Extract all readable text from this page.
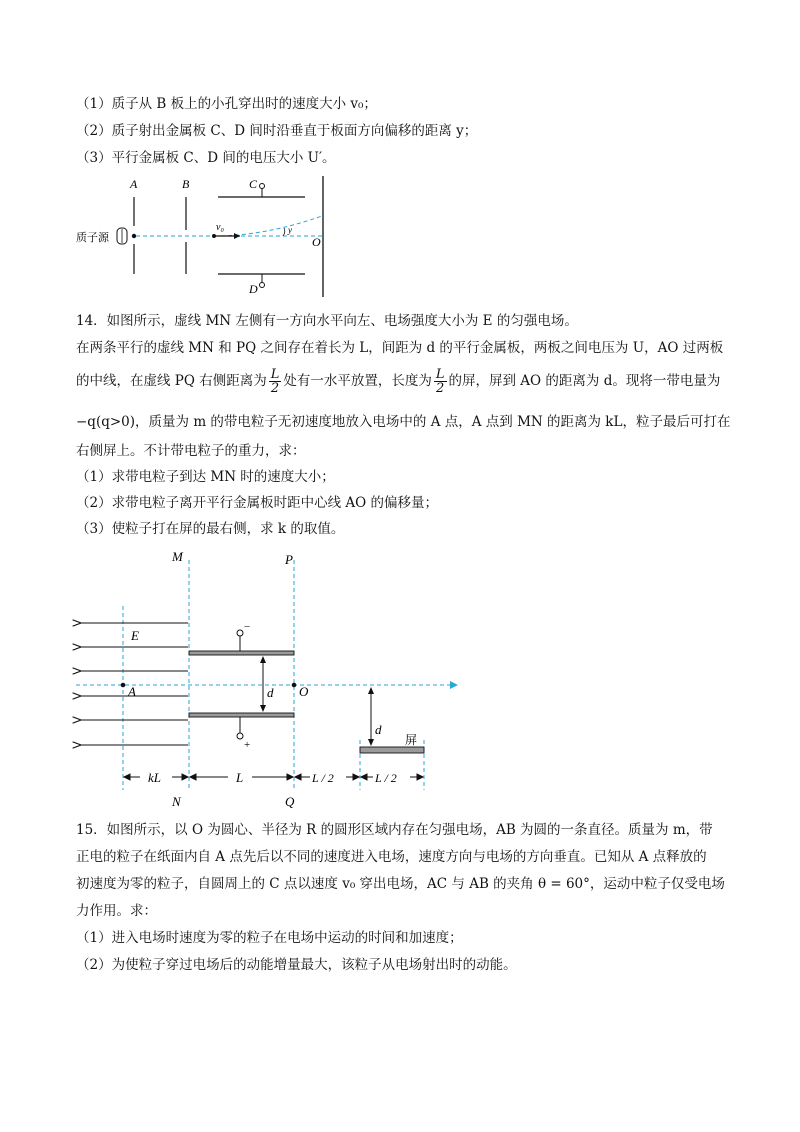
（1）质子从 B 板上的小孔穿出时的速度大小 v₀；
（2）质子射出金属板 C、D 间时沿垂直于板面方向偏移的距离 y；
（3）平行金属板 C、D 间的电压大小 U′。
A	B	C
D
质子源
v₀	y
O
14．如图所示，虚线 MN 左侧有一方向水平向左、电场强度大小为 E 的匀强电场。
在两条平行的虚线 MN 和 PQ 之间存在着长为 L，间距为 d 的平行金属板，两板之间电压为 U，AO 过两板
的中线，在虚线 PQ 右侧距离为 $\frac{L}{2}$ 处有一水平放置，长度为 $\frac{L}{2}$ 的屏，屏到 AO 的距离为 d。现将一带电量为
−q(q>0)，质量为 m 的带电粒子无初速度地放入电场中的 A 点，A 点到 MN 的距离为 kL，粒子最后可打在
右侧屏上。不计带电粒子的重力，求：
（1）求带电粒子到达 MN 时的速度大小；
（2）求带电粒子离开平行金属板时距中心线 AO 的偏移量；
（3）使粒子打在屏的最右侧，求 k 的取值。
M	P
N	Q
E
A	O
−
+
d
屏
d
kL	L	L / 2	L / 2
15．如图所示，以 O 为圆心、半径为 R 的圆形区域内存在匀强电场，AB 为圆的一条直径。质量为 m，带
正电的粒子在纸面内自 A 点先后以不同的速度进入电场，速度方向与电场的方向垂直。已知从 A 点释放的
初速度为零的粒子，自圆周上的 C 点以速度 v₀ 穿出电场，AC 与 AB 的夹角 θ = 60°，运动中粒子仅受电场
力作用。求：
（1）进入电场时速度为零的粒子在电场中运动的时间和加速度；
（2）为使粒子穿过电场后的动能增量最大，该粒子从电场射出时的动能。
